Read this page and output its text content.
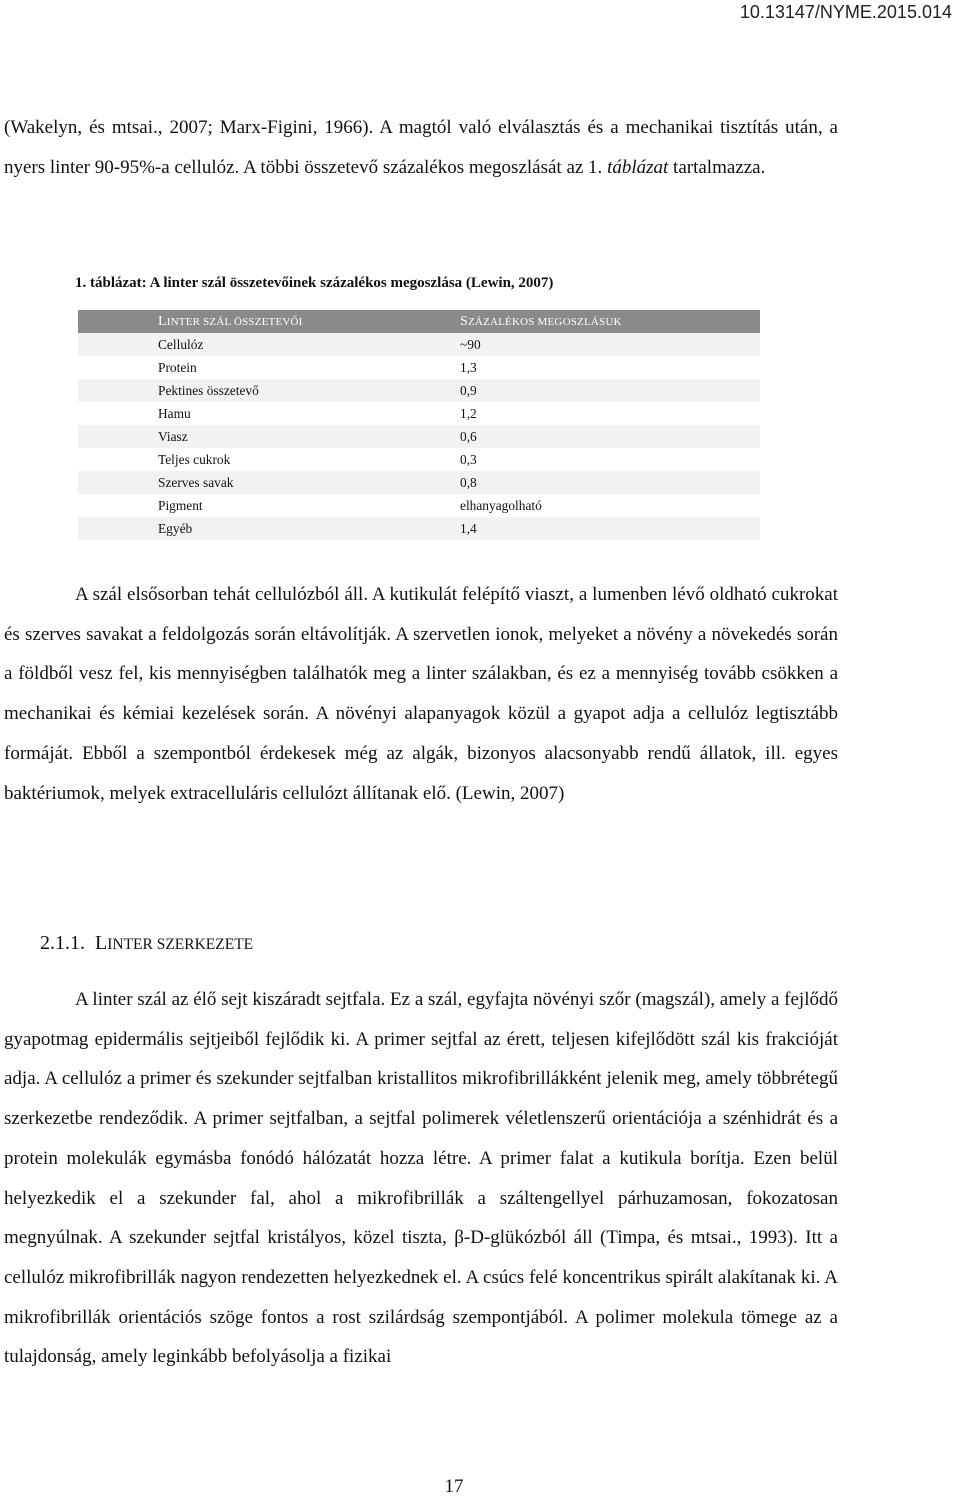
10.13147/NYME.2015.014

(Wakelyn, és mtsai., 2007; Marx-Figini, 1966). A magtól való elválasztás és a mechanikai tisztítás után, a nyers linter 90-95%-a cellulóz. A többi összetevő százalékos megoszlását az 1. táblázat tartalmazza.

1. táblázat: A linter szál összetevőinek százalékos megoszlása (Lewin, 2007)

LINTER SZÁL ÖSSZETEVŐI	SZÁZALÉKOS MEGOSZLÁSUK
Cellulóz	~90
Protein	1,3
Pektines összetevő	0,9
Hamu	1,2
Viasz	0,6
Teljes cukrok	0,3
Szerves savak	0,8
Pigment	elhanyagolható
Egyéb	1,4

A szál elsősorban tehát cellulózból áll. A kutikulát felépítő viaszt, a lumenben lévő oldható cukrokat és szerves savakat a feldolgozás során eltávolítják. A szervetlen ionok, melyeket a növény a növekedés során a földből vesz fel, kis mennyiségben találhatók meg a linter szálakban, és ez a mennyiség tovább csökken a mechanikai és kémiai kezelések során. A növényi alapanyagok közül a gyapot adja a cellulóz legtisztább formáját. Ebből a szempontból érdekesek még az algák, bizonyos alacsonyabb rendű állatok, ill. egyes baktériumok, melyek extracelluláris cellulózt állítanak elő. (Lewin, 2007)

2.1.1. LINTER SZERKEZETE

A linter szál az élő sejt kiszáradt sejtfala. Ez a szál, egyfajta növényi szőr (magszál), amely a fejlődő gyapotmag epidermális sejtjeiből fejlődik ki. A primer sejtfal az érett, teljesen kifejlődött szál kis frakcióját adja. A cellulóz a primer és szekunder sejtfalban kristallitos mikrofibrillákként jelenik meg, amely többrétegű szerkezetbe rendeződik. A primer sejtfalban, a sejtfal polimerek véletlenszerű orientációja a szénhidrát és a protein molekulák egymásba fonódó hálózatát hozza létre. A primer falat a kutikula borítja. Ezen belül helyezkedik el a szekunder fal, ahol a mikrofibrillák a száltengellyel párhuzamosan, fokozatosan megnyúlnak. A szekunder sejtfal kristályos, közel tiszta, β-D-glükózból áll (Timpa, és mtsai., 1993). Itt a cellulóz mikrofibrillák nagyon rendezetten helyezkednek el. A csúcs felé koncentrikus spirált alakítanak ki. A mikrofibrillák orientációs szöge fontos a rost szilárdság szempontjából. A polimer molekula tömege az a tulajdonság, amely leginkább befolyásolja a fizikai

17
